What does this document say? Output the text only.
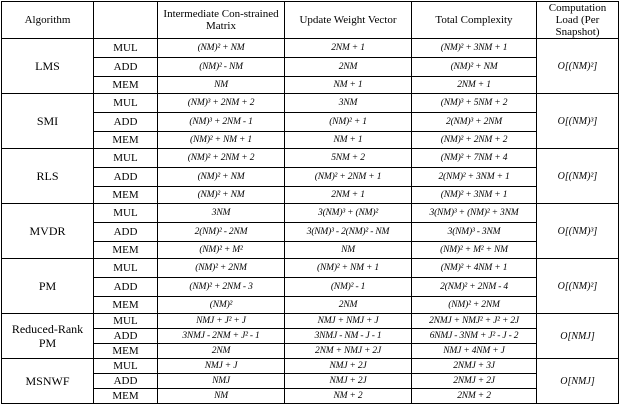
Algorithm		Intermediate Con-strained Matrix	Update Weight Vector	Total Complexity	Computation Load (Per Snapshot)
LMS	MUL	(NM)² + NM	2NM + 1	(NM)² + 3NM + 1	O[(NM)²]
	ADD	(NM)² - NM	2NM	(NM)² + NM	
	MEM	NM	NM + 1	2NM + 1	
SMI	MUL	(NM)³ + 2NM + 2	3NM	(NM)³ + 5NM + 2	O[(NM)³]
	ADD	(NM)³ + 2NM - 1	(NM)² + 1	2(NM)³ + 2NM	
	MEM	(NM)² + NM + 1	NM + 1	(NM)² + 2NM + 2	
RLS	MUL	(NM)² + 2NM + 2	5NM + 2	(NM)² + 7NM + 4	O[(NM)²]
	ADD	(NM)² + NM	(NM)² + 2NM + 1	2(NM)² + 3NM + 1	
	MEM	(NM)² + NM	2NM + 1	(NM)² + 3NM + 1	
MVDR	MUL	3NM	3(NM)³ + (NM)²	3(NM)³ + (NM)² + 3NM	O[(NM)³]
	ADD	2(NM)² - 2NM	3(NM)³ - 2(NM)² - NM	3(NM)³ - 3NM	
	MEM	(NM)² + M²	NM	(NM)² + M² + NM	
PM	MUL	(NM)² + 2NM	(NM)² + NM + 1	(NM)² + 4NM + 1	O[(NM)²]
	ADD	(NM)² + 2NM - 3	(NM)² - 1	2(NM)² + 2NM - 4	
	MEM	(NM)²	2NM	(NM)² + 2NM	
Reduced-Rank PM	MUL	NMJ + J² + J	NMJ + NMJ + J	2NMJ + NMJ² + J² + 2J	O[NMJ]
	ADD	3NMJ - 2NM + J² - 1	3NMJ - NM - J - 1	6NMJ - 3NM + J² - J - 2	
	MEM	2NM	2NM + NMJ + 2J	NMJ + 4NM + J	
MSNWF	MUL	NMJ + J	NMJ + 2J	2NMJ + 3J	O[NMJ]
	ADD	NMJ	NMJ + 2J	2NMJ + 2J	
	MEM	NM	NM + 2	2NM + 2	
